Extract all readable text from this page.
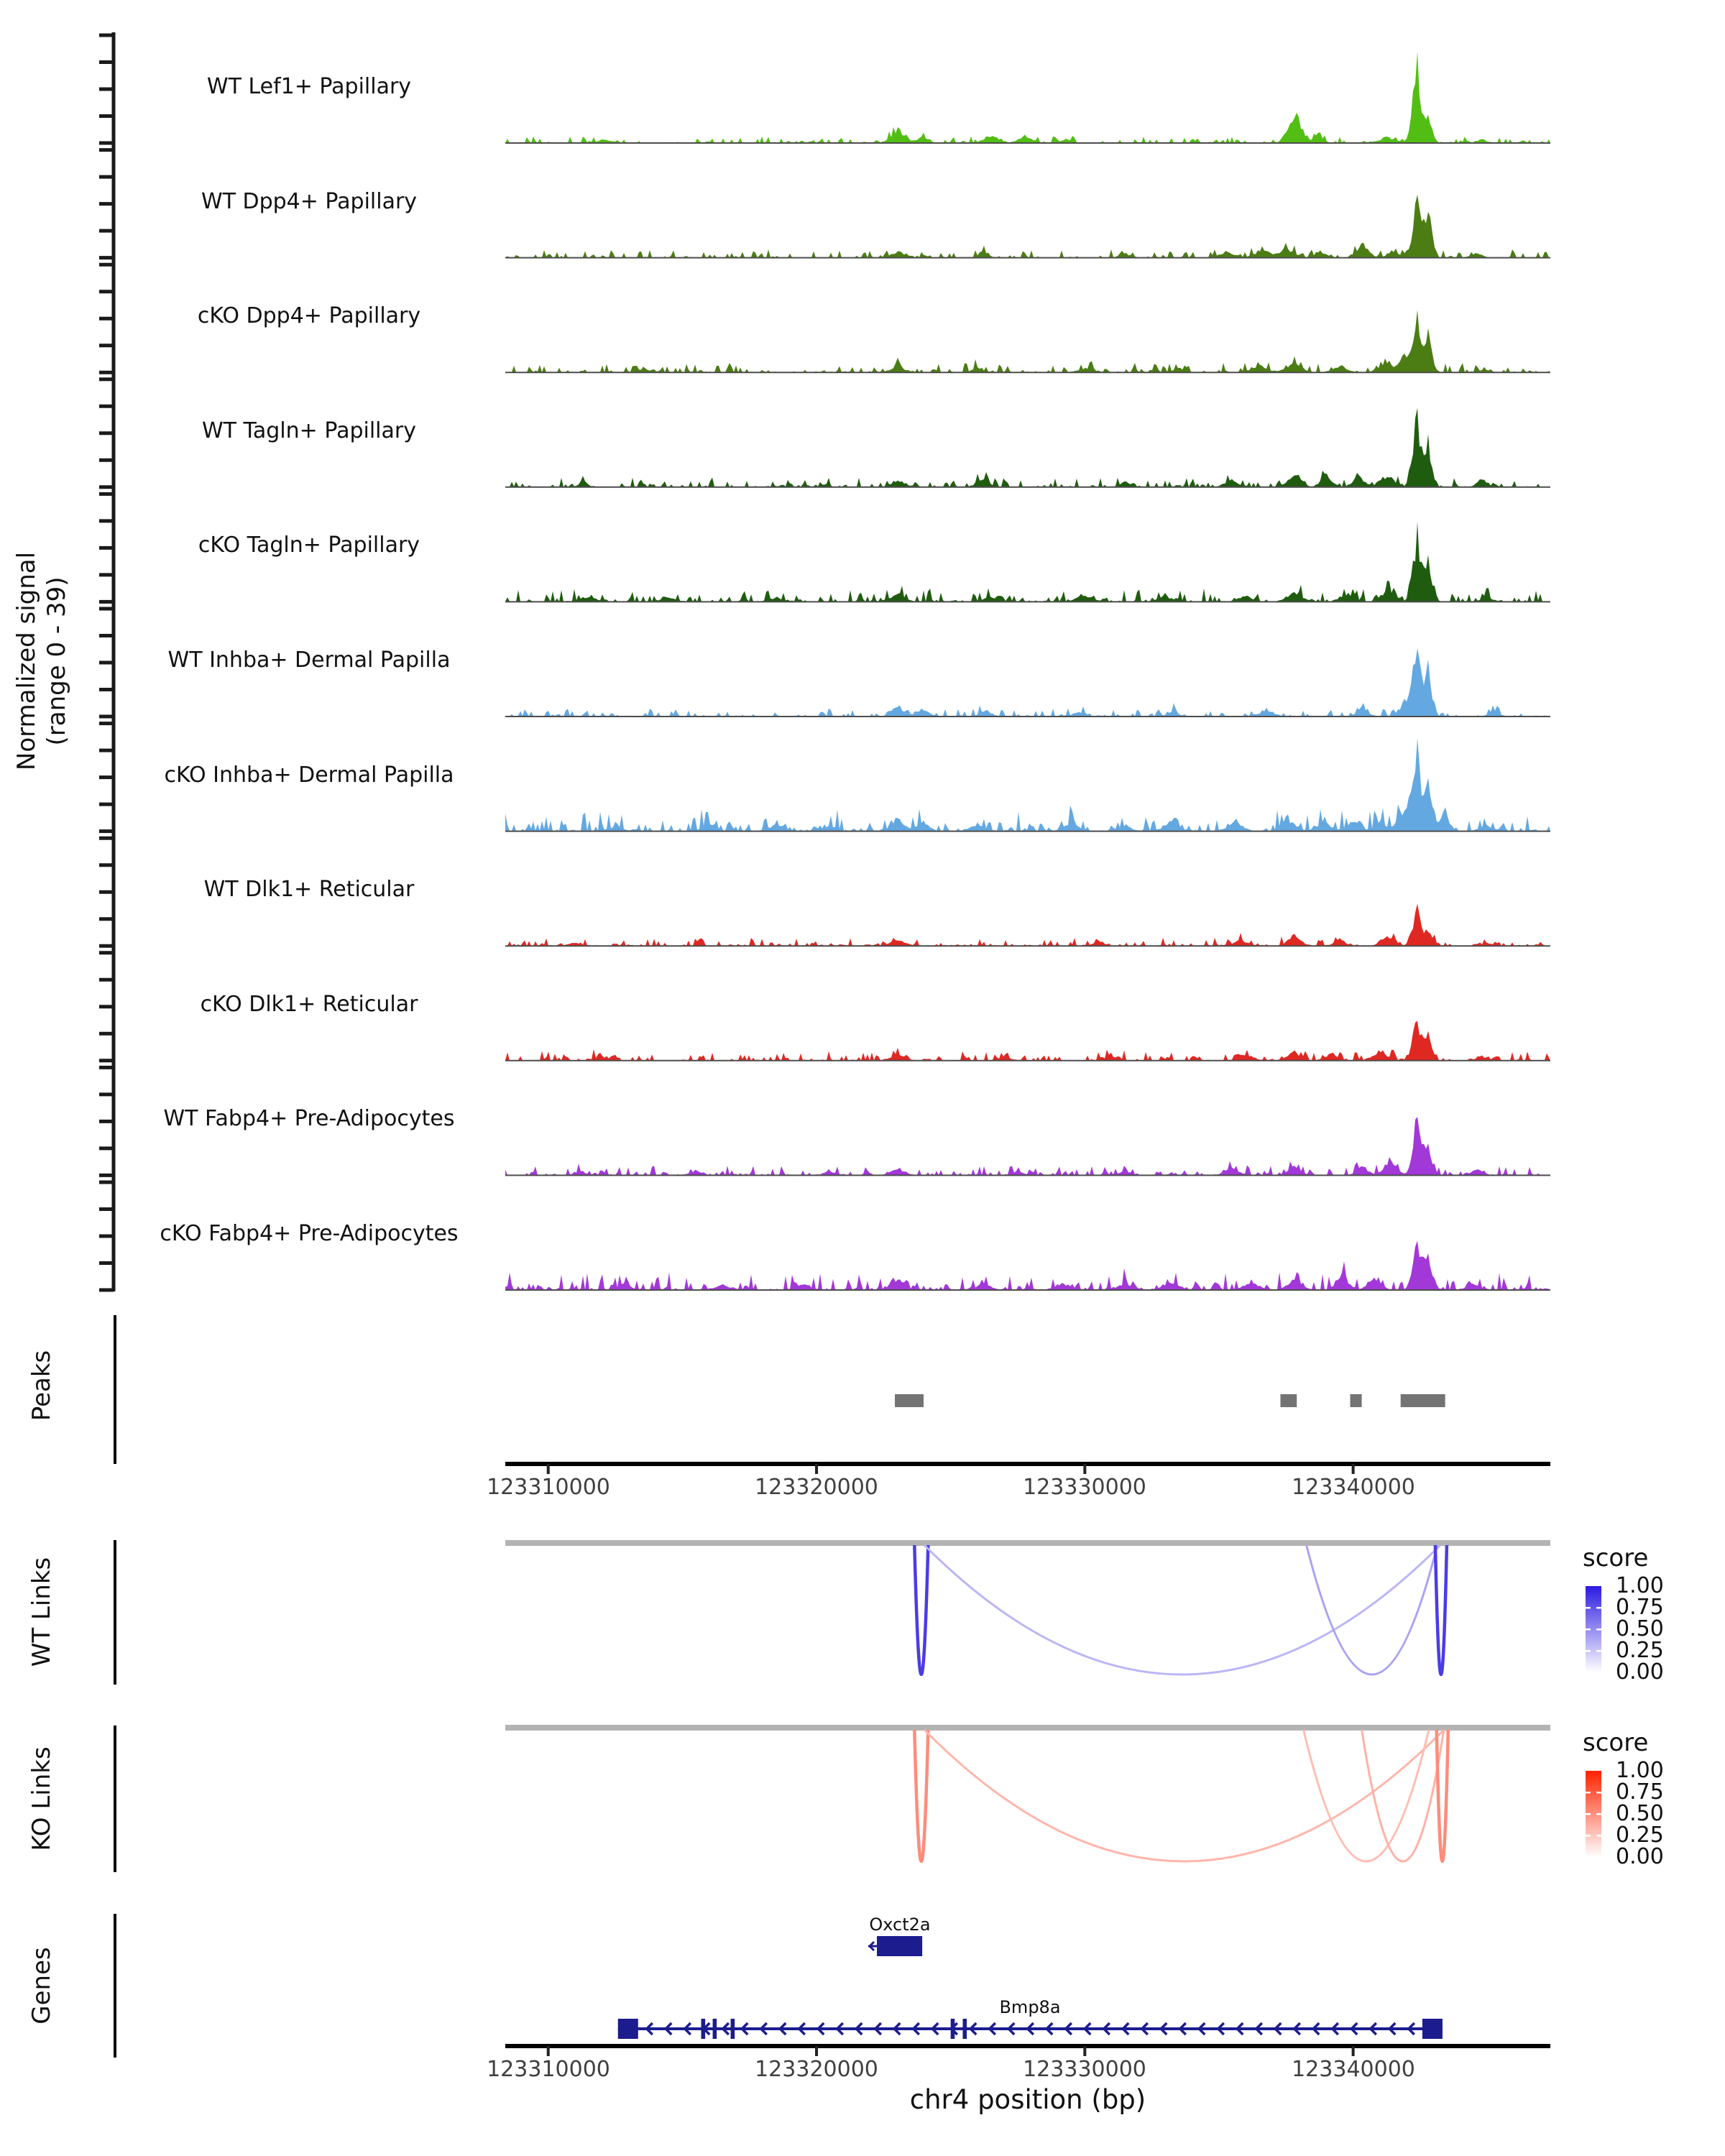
Normalized signal (range 0 - 39)
Peaks
WT Links
KO Links
Genes
chr4 position (bp)
score
score
WT Lef1+ Papillary
WT Dpp4+ Papillary
cKO Dpp4+ Papillary
WT Tagln+ Papillary
cKO Tagln+ Papillary
WT Inhba+ Dermal Papilla
cKO Inhba+ Dermal Papilla
WT Dlk1+ Reticular
cKO Dlk1+ Reticular
WT Fabp4+ Pre-Adipocytes
cKO Fabp4+ Pre-Adipocytes
123310000	123320000	123330000	123340000
123310000	123320000	123330000	123340000
1.00
0.75
0.50
0.25
0.00
1.00
0.75
0.50
0.25
0.00
Oxct2a
Bmp8a
